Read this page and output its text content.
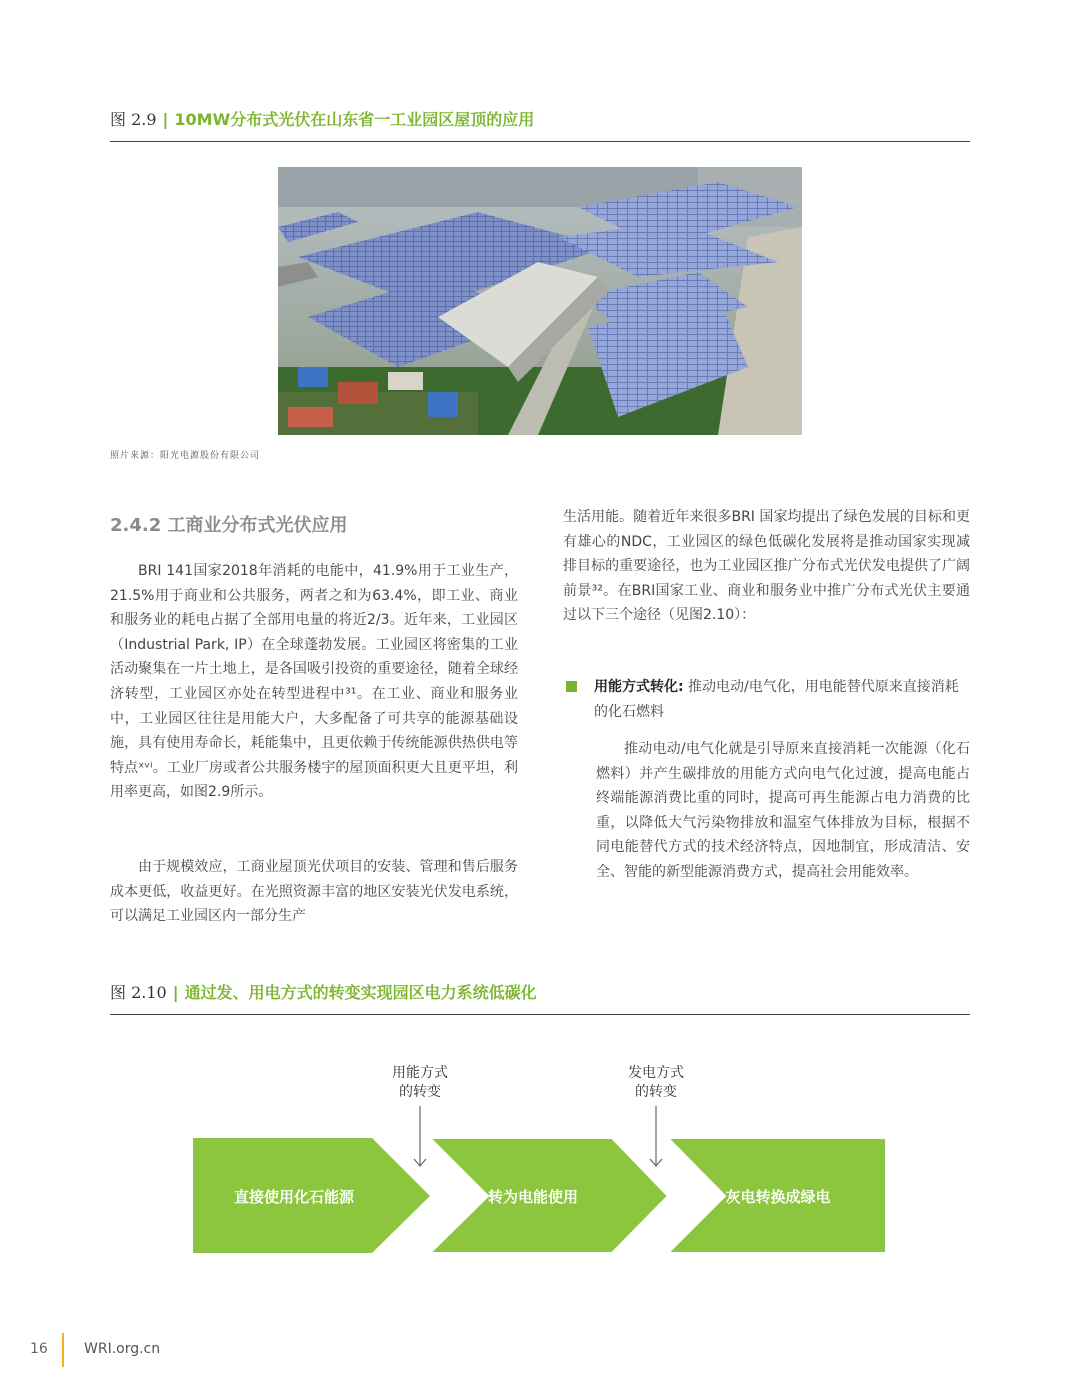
图 2.9 | 10MW分布式光伏在山东省一工业园区屋顶的应用
照片来源：阳光电源股份有限公司
2.4.2 工商业分布式光伏应用

BRI 141国家2018年消耗的电能中，41.9%用于工业生产，21.5%用于商业和公共服务，两者之和为63.4%，即工业、商业和服务业的耗电占据了全部用电量的将近2/3。近年来，工业园区（Industrial Park, IP）在全球蓬勃发展。工业园区将密集的工业活动聚集在一片土地上，是各国吸引投资的重要途径，随着全球经济转型，工业园区亦处在转型进程中³¹。在工业、商业和服务业中，工业园区往往是用能大户，大多配备了可共享的能源基础设施，具有使用寿命长，耗能集中，且更依赖于传统能源供热供电等特点ˣᵛⁱ。工业厂房或者公共服务楼宇的屋顶面积更大且更平坦，利用率更高，如图2.9所示。

由于规模效应，工商业屋顶光伏项目的安装、管理和售后服务成本更低，收益更好。在光照资源丰富的地区安装光伏发电系统，可以满足工业园区内一部分生产

生活用能。随着近年来很多BRI 国家均提出了绿色发展的目标和更有雄心的NDC，工业园区的绿色低碳化发展将是推动国家实现减排目标的重要途径，也为工业园区推广分布式光伏发电提供了广阔前景³²。在BRI国家工业、商业和服务业中推广分布式光伏主要通过以下三个途径（见图2.10）：

用能方式转化: 推动电动/电气化，用电能替代原来直接消耗的化石燃料

推动电动/电气化就是引导原来直接消耗一次能源（化石燃料）并产生碳排放的用能方式向电气化过渡，提高电能占终端能源消费比重的同时，提高可再生能源占电力消费的比重，以降低大气污染物排放和温室气体排放为目标，根据不同电能替代方式的技术经济特点，因地制宜，形成清洁、安全、智能的新型能源消费方式，提高社会用能效率。

图 2.10 | 通过发、用电方式的转变实现园区电力系统低碳化
用能方式
的转变
发电方式
的转变
直接使用化石能源	转为电能使用	灰电转换成绿电
16	WRI.org.cn
